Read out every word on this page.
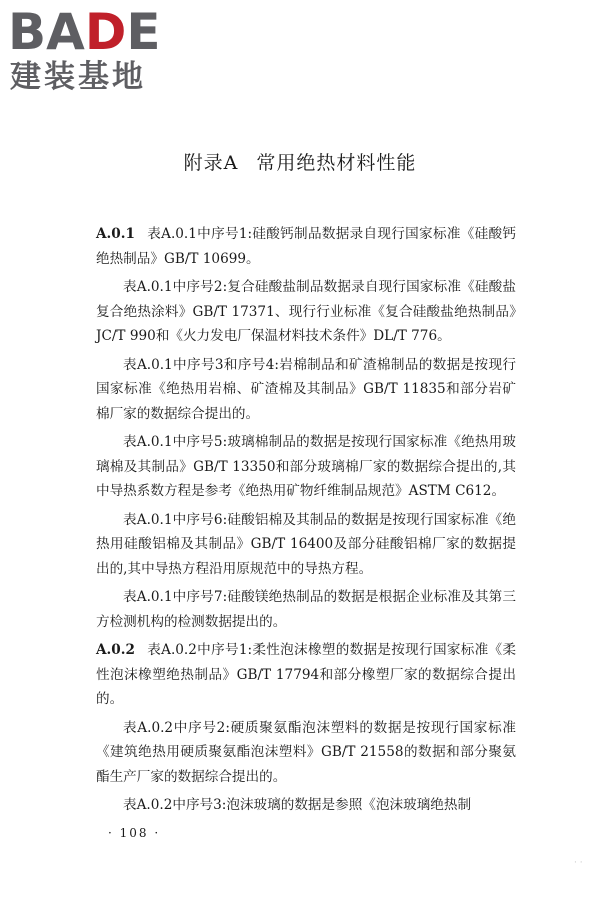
BADE
建装基地
附录A 常用绝热材料性能

A.0.1 表A.0.1中序号1:硅酸钙制品数据录自现行国家标准《硅酸钙绝热制品》GB/T 10699。

表A.0.1中序号2:复合硅酸盐制品数据录自现行国家标准《硅酸盐复合绝热涂料》GB/T 17371、现行行业标准《复合硅酸盐绝热制品》JC/T 990和《火力发电厂保温材料技术条件》DL/T 776。

表A.0.1中序号3和序号4:岩棉制品和矿渣棉制品的数据是按现行国家标准《绝热用岩棉、矿渣棉及其制品》GB/T 11835和部分岩矿棉厂家的数据综合提出的。

表A.0.1中序号5:玻璃棉制品的数据是按现行国家标准《绝热用玻璃棉及其制品》GB/T 13350和部分玻璃棉厂家的数据综合提出的,其中导热系数方程是参考《绝热用矿物纤维制品规范》ASTM C612。

表A.0.1中序号6:硅酸铝棉及其制品的数据是按现行国家标准《绝热用硅酸铝棉及其制品》GB/T 16400及部分硅酸铝棉厂家的数据提出的,其中导热方程沿用原规范中的导热方程。

表A.0.1中序号7:硅酸镁绝热制品的数据是根据企业标准及其第三方检测机构的检测数据提出的。

A.0.2 表A.0.2中序号1:柔性泡沫橡塑的数据是按现行国家标准《柔性泡沫橡塑绝热制品》GB/T 17794和部分橡塑厂家的数据综合提出的。

表A.0.2中序号2:硬质聚氨酯泡沫塑料的数据是按现行国家标准《建筑绝热用硬质聚氨酯泡沫塑料》GB/T 21558的数据和部分聚氨酯生产厂家的数据综合提出的。

表A.0.2中序号3:泡沫玻璃的数据是参照《泡沫玻璃绝热制

· 108 ·
· ·
